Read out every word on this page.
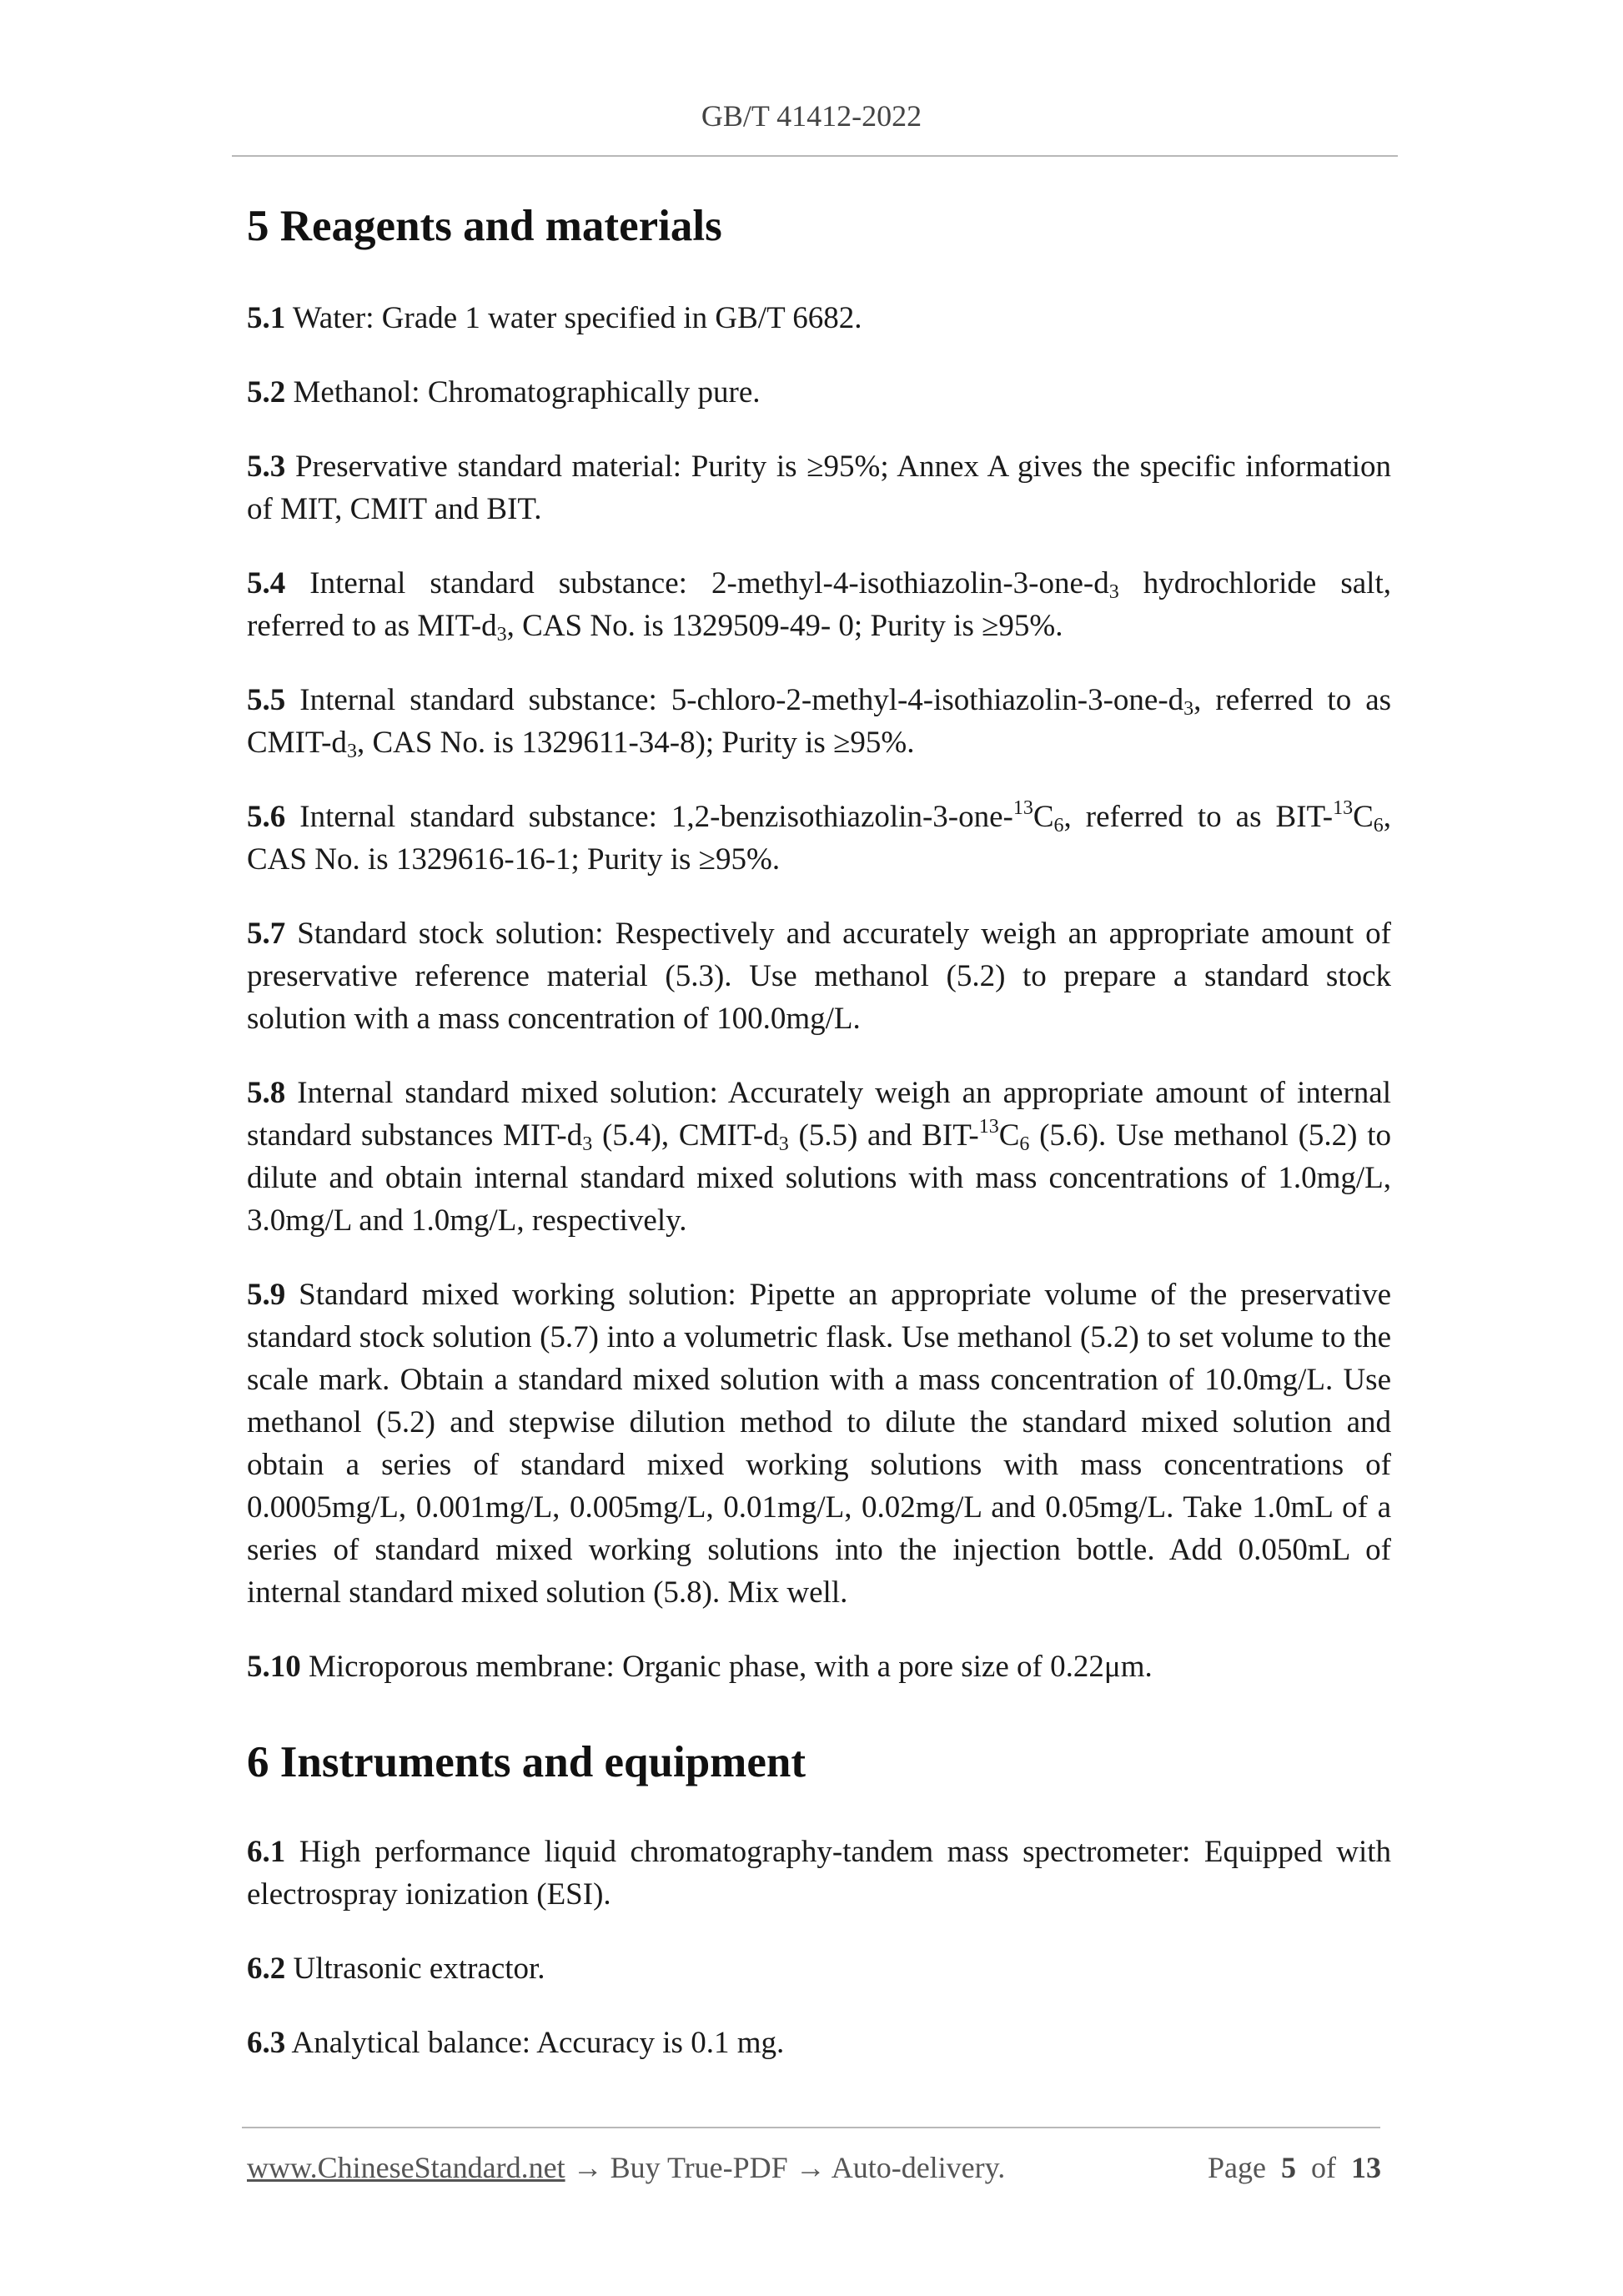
GB/T 41412-2022
5 Reagents and materials

5.1 Water: Grade 1 water specified in GB/T 6682.

5.2 Methanol: Chromatographically pure.

5.3 Preservative standard material: Purity is ≥95%; Annex A gives the specific information of MIT, CMIT and BIT.

5.4 Internal standard substance: $2-methyl-4-isothiazolin-3-one-d_3$ hydrochloride salt, referred to as MIT-$d_3$, CAS No. is 1329509-49- 0; Purity is ≥95%.

5.5 Internal standard substance: $5-chloro-2-methyl-4-isothiazolin-3-one-d_3$, referred to as CMIT-$d_3$, CAS No. is 1329611-34-8); Purity is ≥95%.

5.6 Internal standard substance: $1,2-benzisothiazolin-3-one-^{13}C_6$, referred to as BIT-$^{13}C_6$, CAS No. is 1329616-16-1; Purity is ≥95%.

5.7 Standard stock solution: Respectively and accurately weigh an appropriate amount of preservative reference material (5.3). Use methanol (5.2) to prepare a standard stock solution with a mass concentration of 100.0mg/L.

5.8 Internal standard mixed solution: Accurately weigh an appropriate amount of internal standard substances MIT-$d_3$ (5.4), CMIT-$d_3$ (5.5) and BIT-$^{13}C_6$ (5.6). Use methanol (5.2) to dilute and obtain internal standard mixed solutions with mass concentrations of 1.0mg/L, 3.0mg/L and 1.0mg/L, respectively.

5.9 Standard mixed working solution: Pipette an appropriate volume of the preservative standard stock solution (5.7) into a volumetric flask. Use methanol (5.2) to set volume to the scale mark. Obtain a standard mixed solution with a mass concentration of 10.0mg/L. Use methanol (5.2) and stepwise dilution method to dilute the standard mixed solution and obtain a series of standard mixed working solutions with mass concentrations of 0.0005mg/L, 0.001mg/L, 0.005mg/L, 0.01mg/L, 0.02mg/L and 0.05mg/L. Take 1.0mL of a series of standard mixed working solutions into the injection bottle. Add 0.050mL of internal standard mixed solution (5.8). Mix well.

5.10 Microporous membrane: Organic phase, with a pore size of 0.22μm.

6 Instruments and equipment

6.1 High performance liquid chromatography-tandem mass spectrometer: Equipped with electrospray ionization (ESI).

6.2 Ultrasonic extractor.

6.3 Analytical balance: Accuracy is 0.1 mg.

www.ChineseStandard.net → Buy True-PDF → Auto-delivery.	Page 5 of 13
